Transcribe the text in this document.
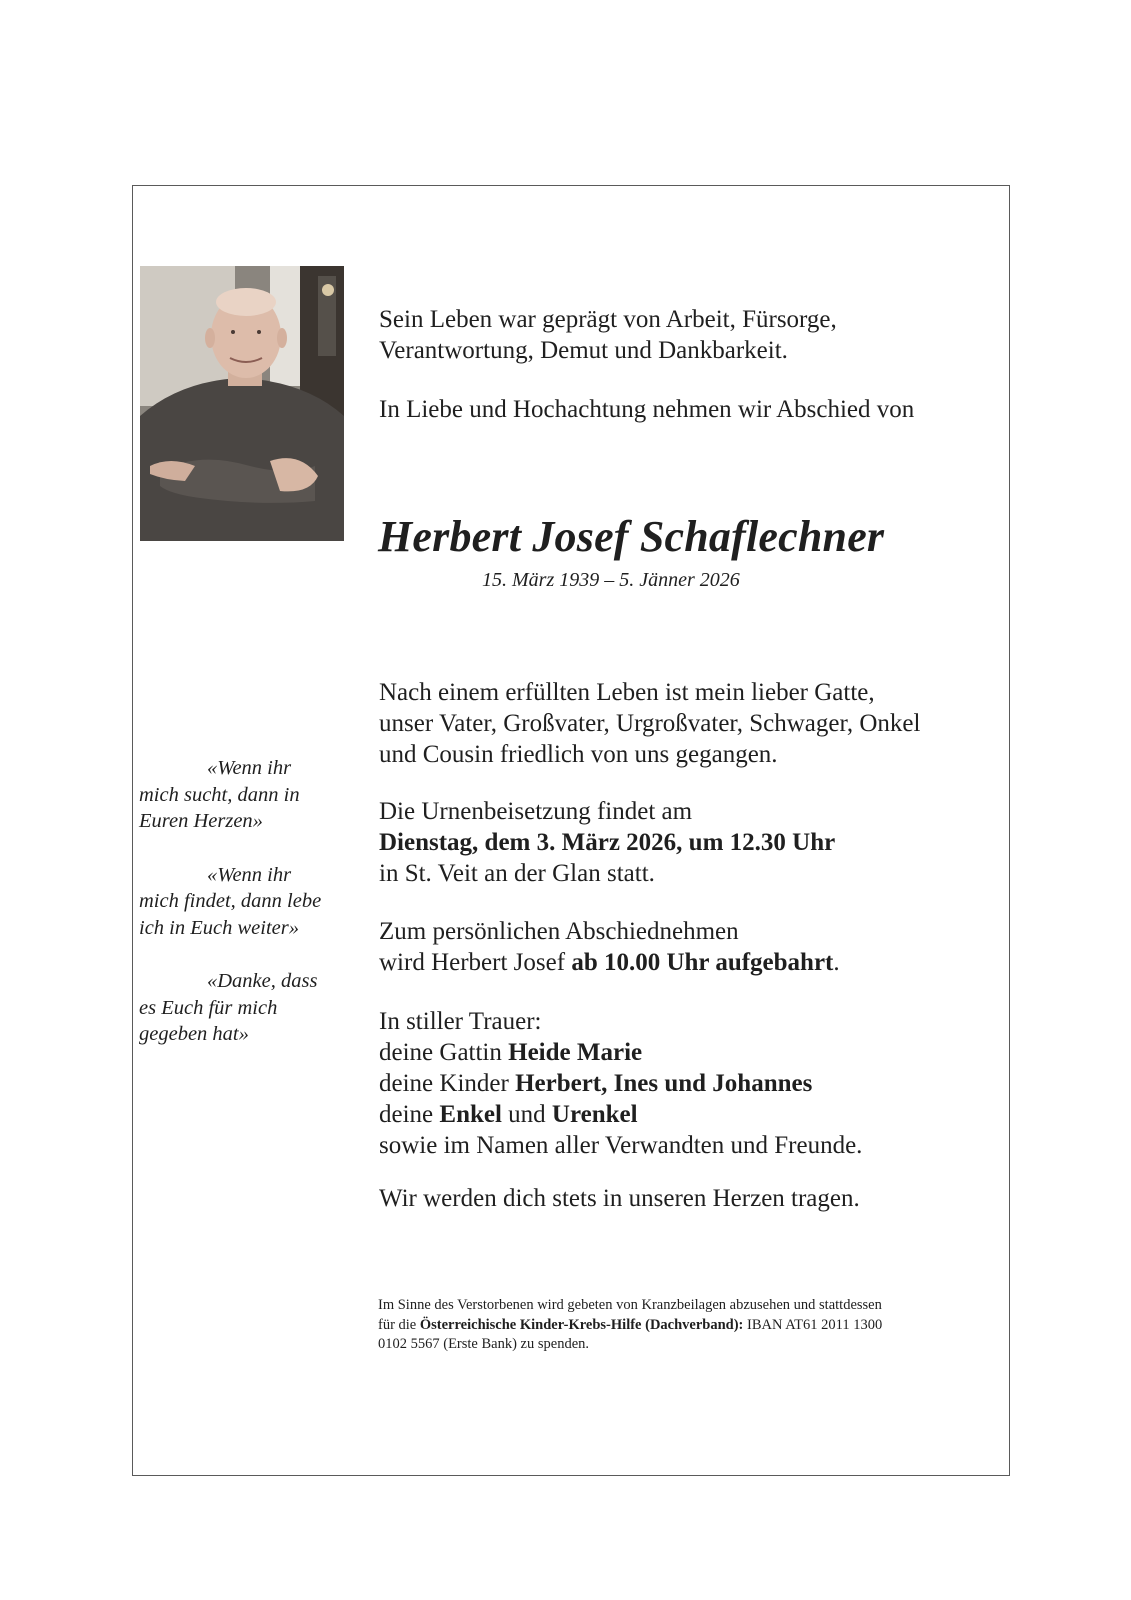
Sein Leben war geprägt von Arbeit, Fürsorge,
Verantwortung, Demut und Dankbarkeit.

In Liebe und Hochachtung nehmen wir Abschied von

Herbert Josef Schaflechner

15. März 1939 – 5. Jänner 2026

«Wenn ihr
mich sucht, dann in
Euren Herzen»

«Wenn ihr
mich findet, dann lebe
ich in Euch weiter»

«Danke, dass
es Euch für mich
gegeben hat»

Nach einem erfüllten Leben ist mein lieber Gatte,
unser Vater, Großvater, Urgroßvater, Schwager, Onkel
und Cousin friedlich von uns gegangen.

Die Urnenbeisetzung findet am
Dienstag, dem 3. März 2026, um 12.30 Uhr
in St. Veit an der Glan statt.

Zum persönlichen Abschiednehmen
wird Herbert Josef ab 10.00 Uhr aufgebahrt.

In stiller Trauer:
deine Gattin Heide Marie
deine Kinder Herbert, Ines und Johannes
deine Enkel und Urenkel
sowie im Namen aller Verwandten und Freunde.

Wir werden dich stets in unseren Herzen tragen.

Im Sinne des Verstorbenen wird gebeten von Kranzbeilagen abzusehen und stattdessen
für die Österreichische Kinder-Krebs-Hilfe (Dachverband): IBAN AT61 2011 1300
0102 5567 (Erste Bank) zu spenden.
